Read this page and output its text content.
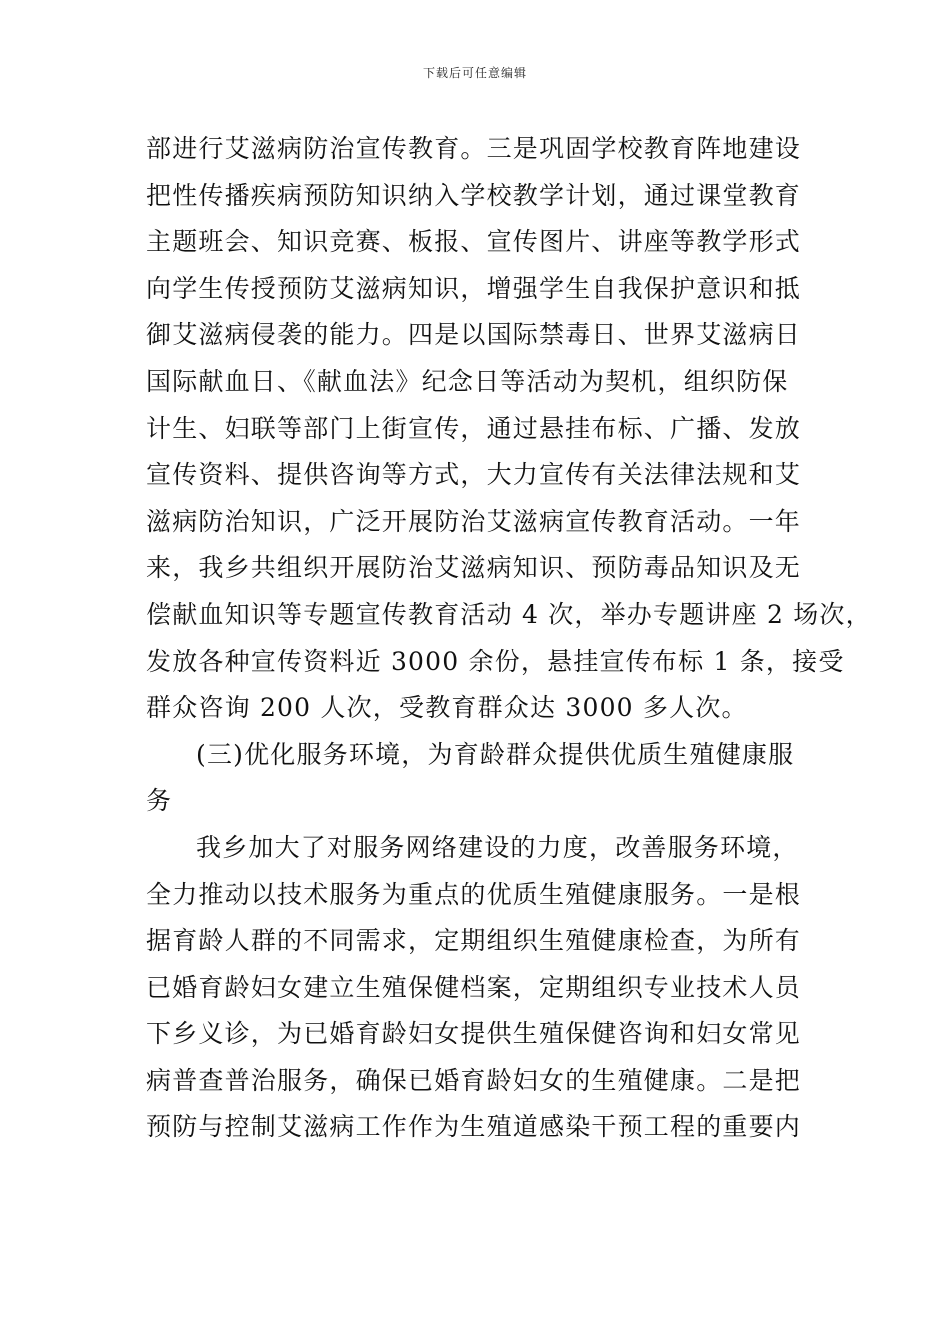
下载后可任意编辑
部进行艾滋病防治宣传教育。三是巩固学校教育阵地建设
把性传播疾病预防知识纳入学校教学计划，通过课堂教育
主题班会、知识竞赛、板报、宣传图片、讲座等教学形式
向学生传授预防艾滋病知识，增强学生自我保护意识和抵
御艾滋病侵袭的能力。四是以国际禁毒日、世界艾滋病日
国际献血日、《献血法》纪念日等活动为契机，组织防保
计生、妇联等部门上街宣传，通过悬挂布标、广播、发放
宣传资料、提供咨询等方式，大力宣传有关法律法规和艾
滋病防治知识，广泛开展防治艾滋病宣传教育活动。一年
来，我乡共组织开展防治艾滋病知识、预防毒品知识及无
偿献血知识等专题宣传教育活动 4 次，举办专题讲座 2 场次，
发放各种宣传资料近 3000 余份，悬挂宣传布标 1 条，接受
群众咨询 200 人次，受教育群众达 3000 多人次。
(三)优化服务环境，为育龄群众提供优质生殖健康服
务
我乡加大了对服务网络建设的力度，改善服务环境，
全力推动以技术服务为重点的优质生殖健康服务。一是根
据育龄人群的不同需求，定期组织生殖健康检查，为所有
已婚育龄妇女建立生殖保健档案，定期组织专业技术人员
下乡义诊，为已婚育龄妇女提供生殖保健咨询和妇女常见
病普查普治服务，确保已婚育龄妇女的生殖健康。二是把
预防与控制艾滋病工作作为生殖道感染干预工程的重要内
